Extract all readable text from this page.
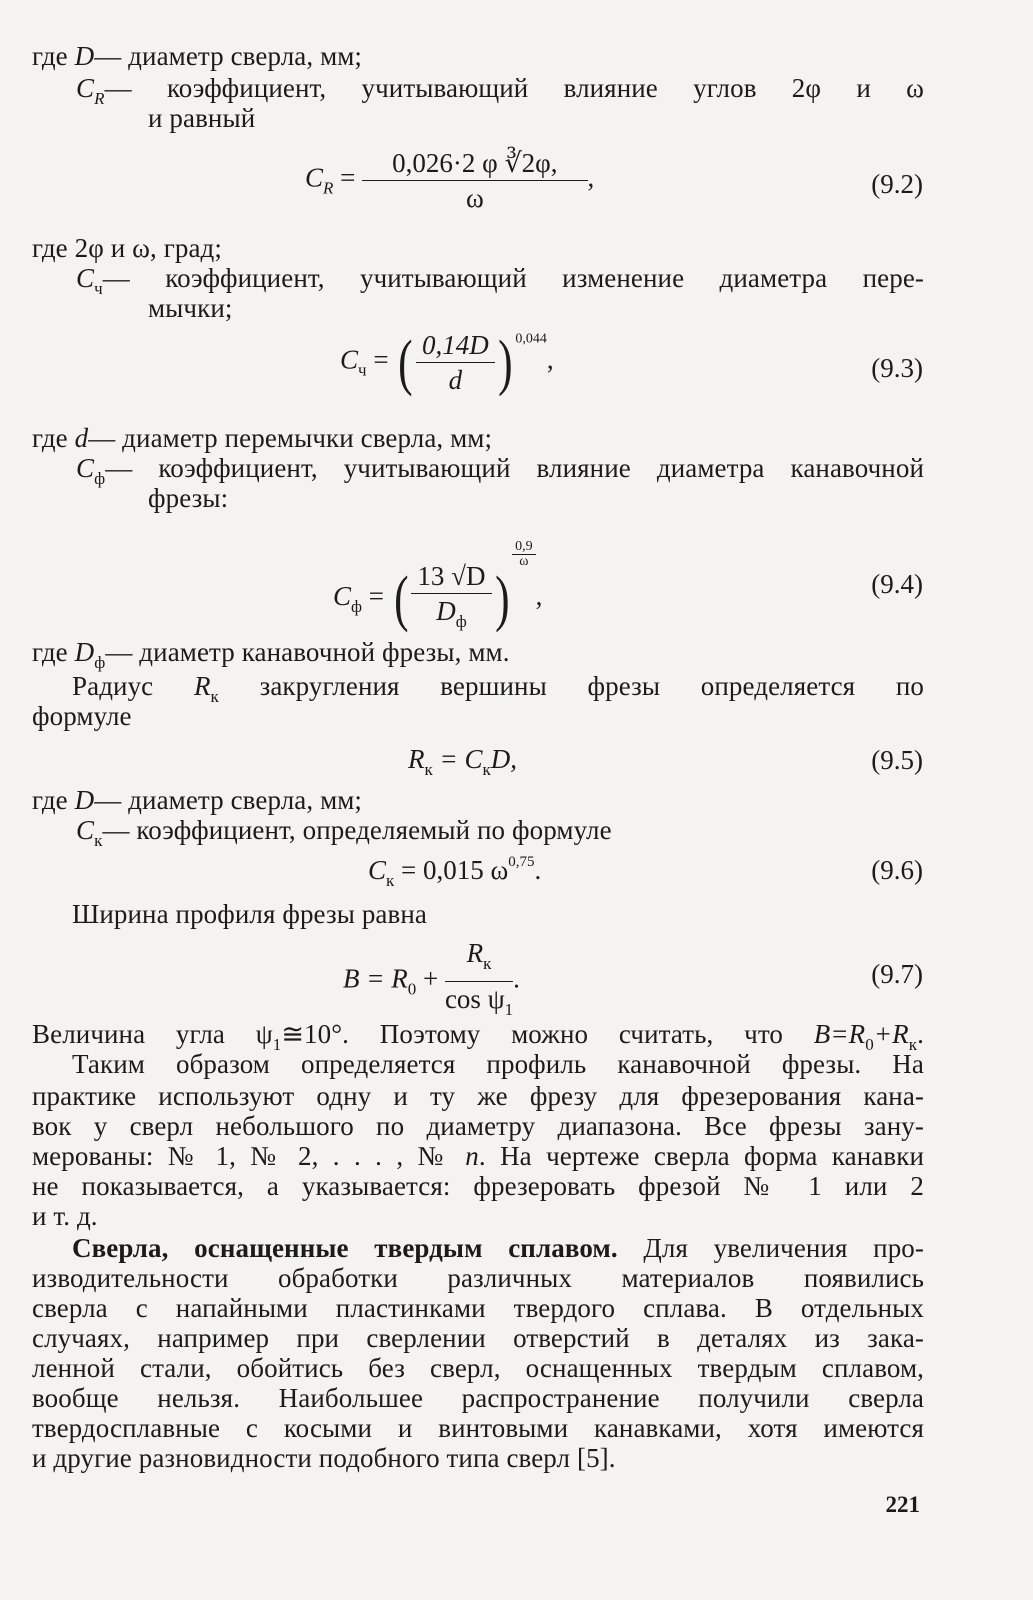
где D— диаметр сверла, мм;
$C_R—$ коэффициент, учитывающий влияние углов 2φ и ω
и равный
$C_R = \frac{0,026\cdot 2 \varphi ∛2\varphi,}{\omega}$ ,	(9.2)
где 2φ и ω, град;
$C_ч—$ коэффициент, учитывающий изменение диаметра пере-
мычки;
$C_ч$ = ( $\frac{0,14D}{d}$ ) $^{0,044}$,	(9.3)
где d— диаметр перемычки сверла, мм;
$C_ф—$ коэффициент, учитывающий влияние диаметра канавочной
фрезы:
$C_ф$ = ( $\frac{13 √D}{D_ф}$ )
$\frac{0,9}{\omega}$
,	(9.4)
где $D_ф—$ диаметр канавочной фрезы, мм.
Радиус $R_к$ закругления вершины фрезы определяется по
формуле
$R_к = C_кD$,	(9.5)
где D— диаметр сверла, мм;
$C_к—$ коэффициент, определяемый по формуле
$C_к = 0,015$ $\omega^{0,75}$.	(9.6)
Ширина профиля фрезы равна
$B = R_0 + \frac{R_к}{\cos \psi_1}$ .	(9.7)
Величина угла $\psi_1≅10^\circ$. Поэтому можно считать, что $B=R_0+R_к$.
Таким образом определяется профиль канавочной фрезы. На
практике используют одну и ту же фрезу для фрезерования кана-
вок у сверл небольшого по диаметру диапазона. Все фрезы зану-
мерованы: № 1, № 2, . . . , № n. На чертеже сверла форма канавки
не показывается, а указывается: фрезеровать фрезой № 1 или 2
и т. д.
Сверла, оснащенные твердым сплавом. Для увеличения про-
изводительности обработки различных материалов появились
сверла с напайными пластинками твердого сплава. В отдельных
случаях, например при сверлении отверстий в деталях из зака-
ленной стали, обойтись без сверл, оснащенных твердым сплавом,
вообще нельзя. Наибольшее распространение получили сверла
твердосплавные с косыми и винтовыми канавками, хотя имеются
и другие разновидности подобного типа сверл [5].
221
